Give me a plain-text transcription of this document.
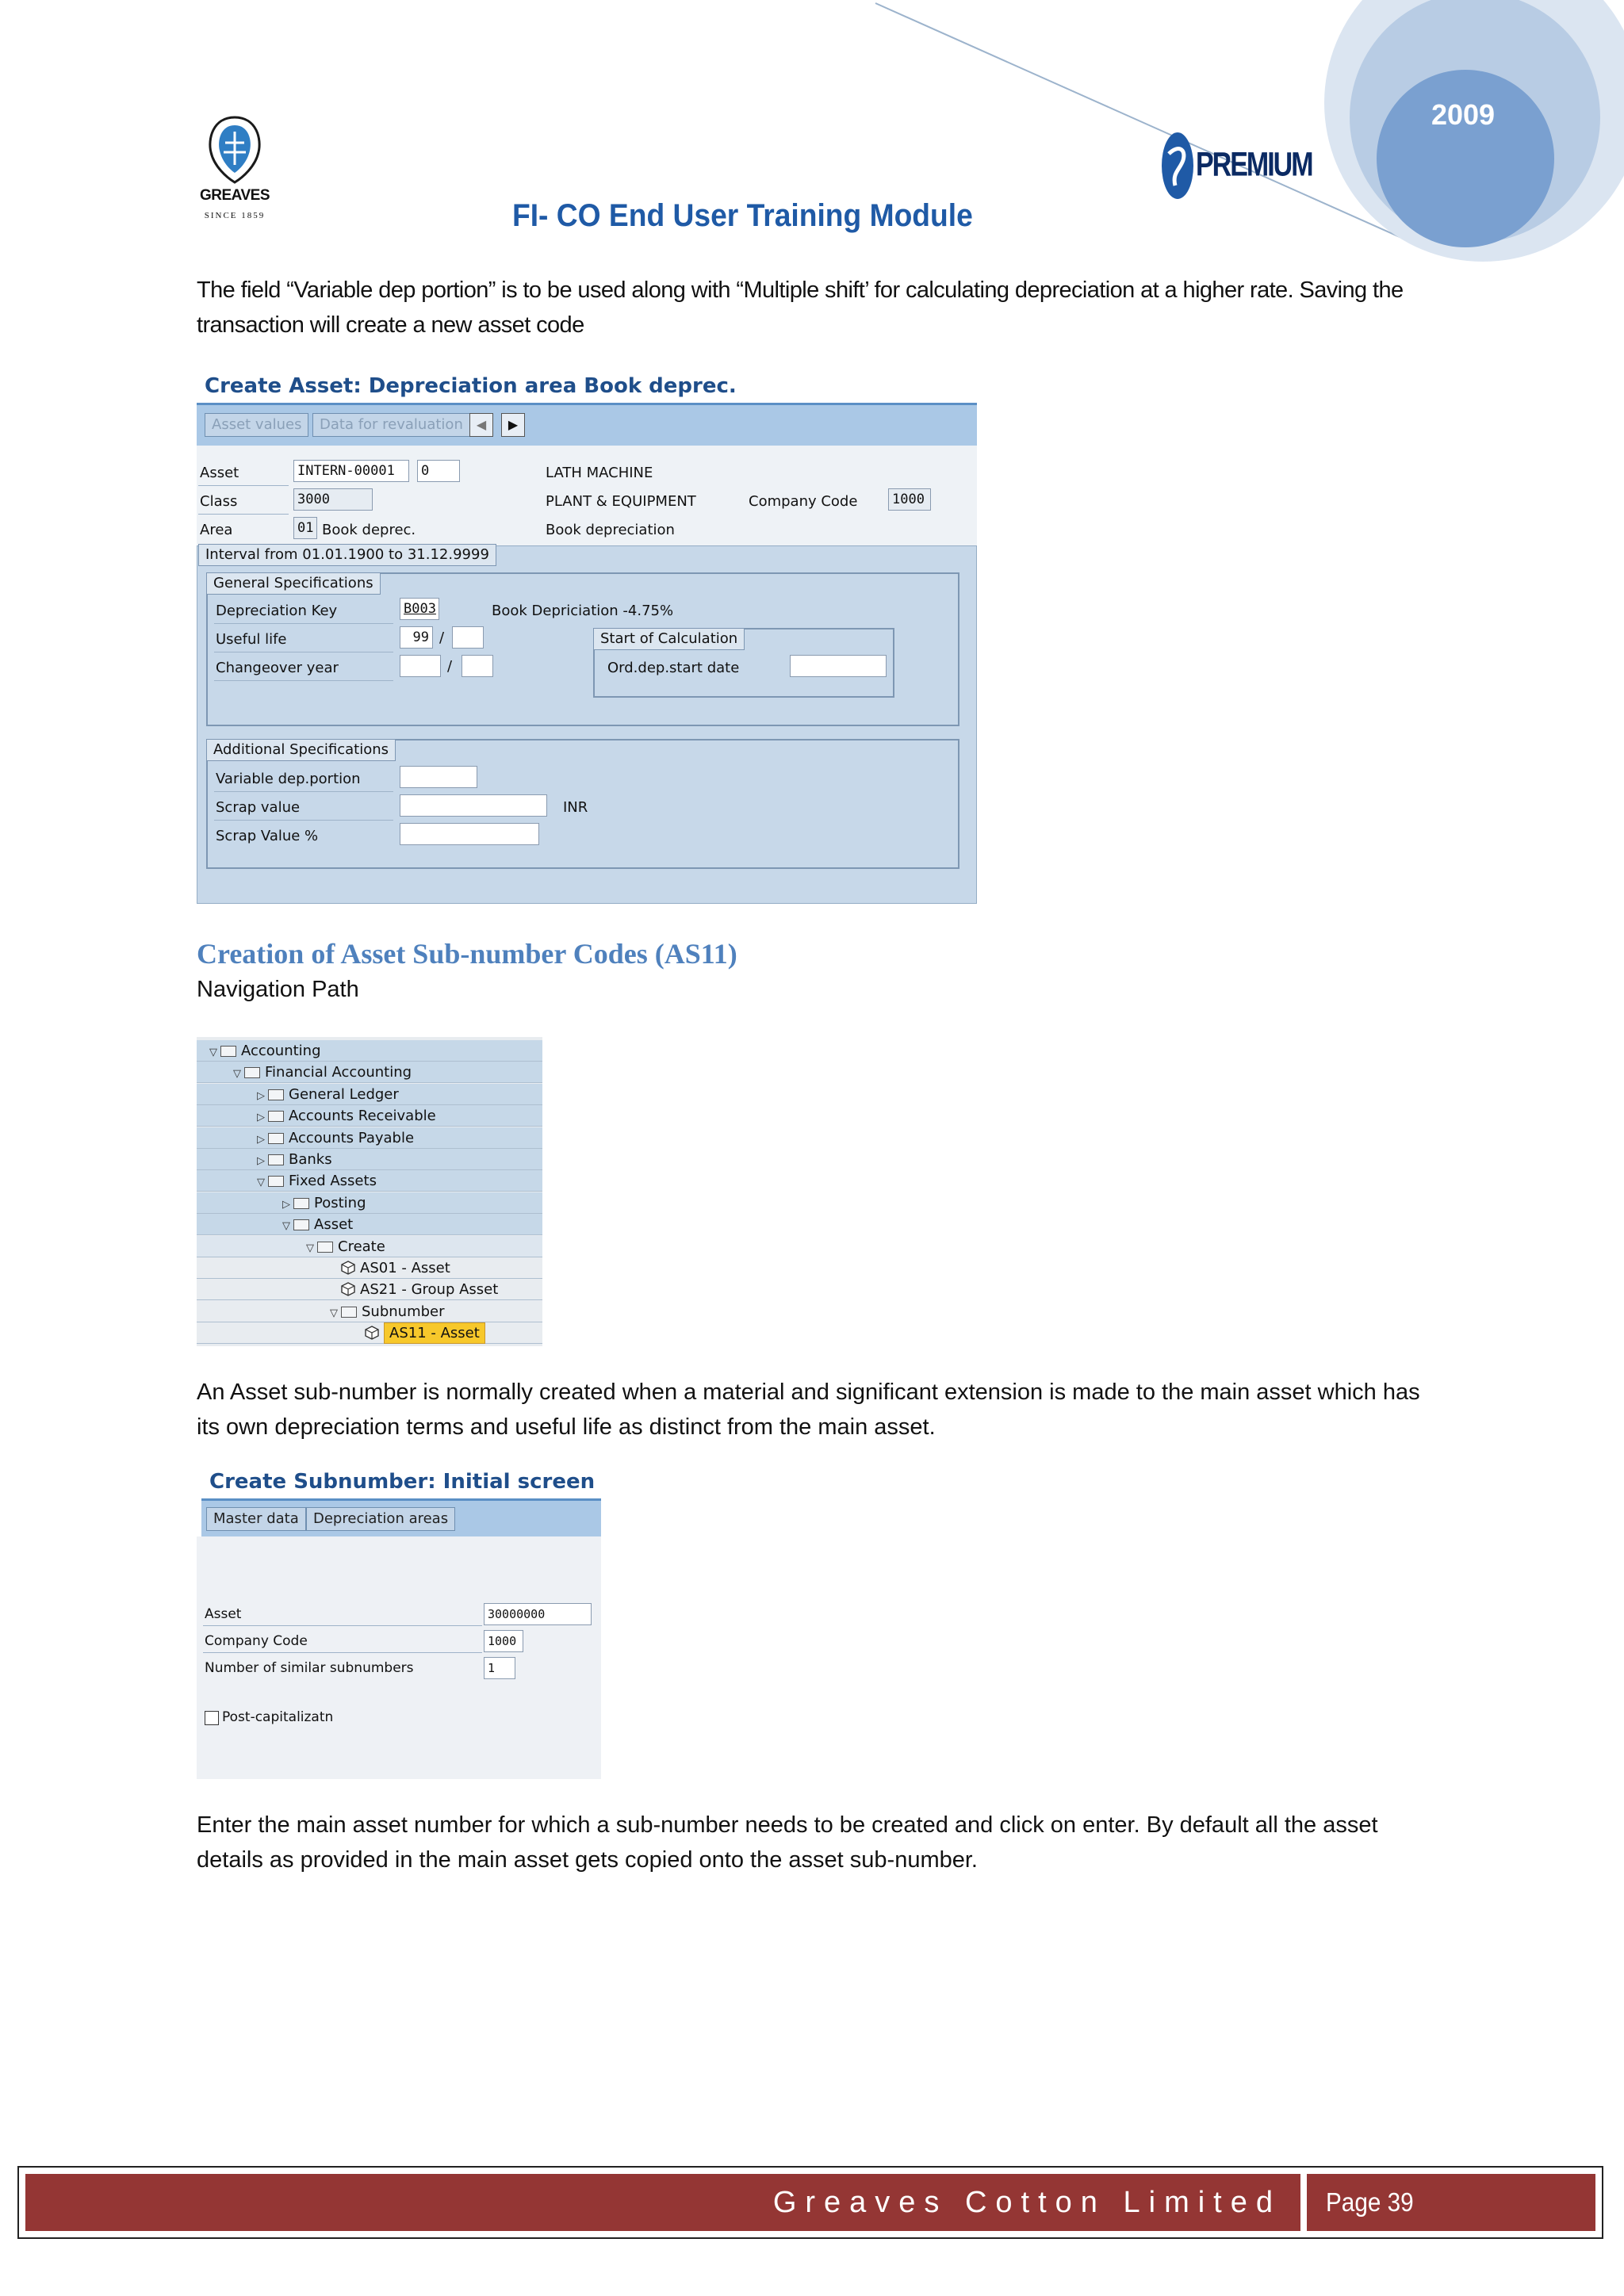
2009
GREAVES
SINCE 1859
PREMIUM
FI- CO End User Training Module
The field “Variable dep portion” is to be used along with “Multiple shift’ for calculating depreciation at a higher rate. Saving the transaction will create a new asset code
Create Asset: Depreciation area Book deprec.
Asset values	Data for revaluation	◀	▶
Asset	INTERN-00001	0	LATH MACHINE
Class	3000	PLANT & EQUIPMENT	Company Code	1000
Area	01 Book deprec.	Book depreciation
Interval from 01.01.1900 to 31.12.9999
General Specifications
Depreciation Key	B003	Book Depriciation -4.75%
Useful life	99 /
Changeover year	/
Start of Calculation
Ord.dep.start date
Additional Specifications
Variable dep.portion
Scrap value	INR
Scrap Value %
Creation of Asset Sub-number Codes (AS11)
Navigation Path
▽ Accounting
▽ Financial Accounting
▷ General Ledger
▷ Accounts Receivable
▷ Accounts Payable
▷ Banks
▽ Fixed Assets
▷ Posting
▽ Asset
▽ Create
AS01 - Asset
AS21 - Group Asset
▽ Subnumber
AS11 - Asset
An Asset sub-number is normally created when a material and significant extension is made to the main asset which has its own depreciation terms and useful life as distinct from the main asset.
Create Subnumber: Initial screen
Master data	Depreciation areas
Asset	30000000
Company Code	1000
Number of similar subnumbers	1
Post-capitalizatn
Enter the main asset number for which a sub-number needs to be created and click on enter. By default all the asset details as provided in the main asset gets copied onto the asset sub-number.
Greaves Cotton Limited Page 39
